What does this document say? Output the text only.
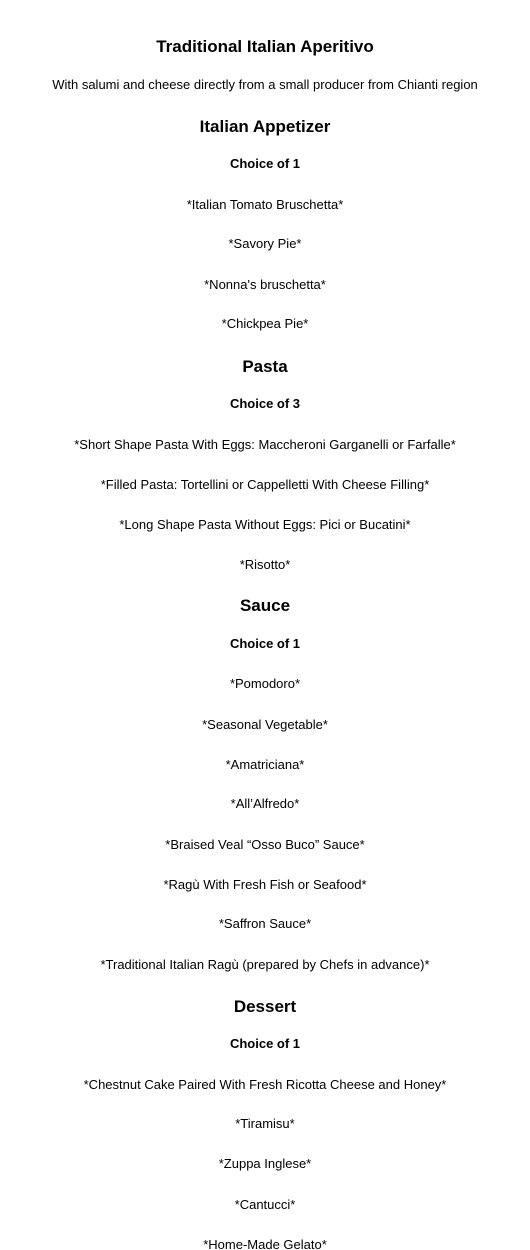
Traditional Italian Aperitivo
With salumi and cheese directly from a small producer from Chianti region
Italian Appetizer
Choice of 1
*Italian Tomato Bruschetta*
*Savory Pie*
*Nonna's bruschetta*
*Chickpea Pie*
Pasta
Choice of 3
*Short Shape Pasta With Eggs: Maccheroni Garganelli or Farfalle*
*Filled Pasta: Tortellini or Cappelletti With Cheese Filling*
*Long Shape Pasta Without Eggs: Pici or Bucatini*
*Risotto*
Sauce
Choice of 1
*Pomodoro*
*Seasonal Vegetable*
*Amatriciana*
*All’Alfredo*
*Braised Veal “Osso Buco” Sauce*
*Ragù With Fresh Fish or Seafood*
*Saffron Sauce*
*Traditional Italian Ragù (prepared by Chefs in advance)*
Dessert
Choice of 1
*Chestnut Cake Paired With Fresh Ricotta Cheese and Honey*
*Tiramisu*
*Zuppa Inglese*
*Cantucci*
*Home-Made Gelato*
